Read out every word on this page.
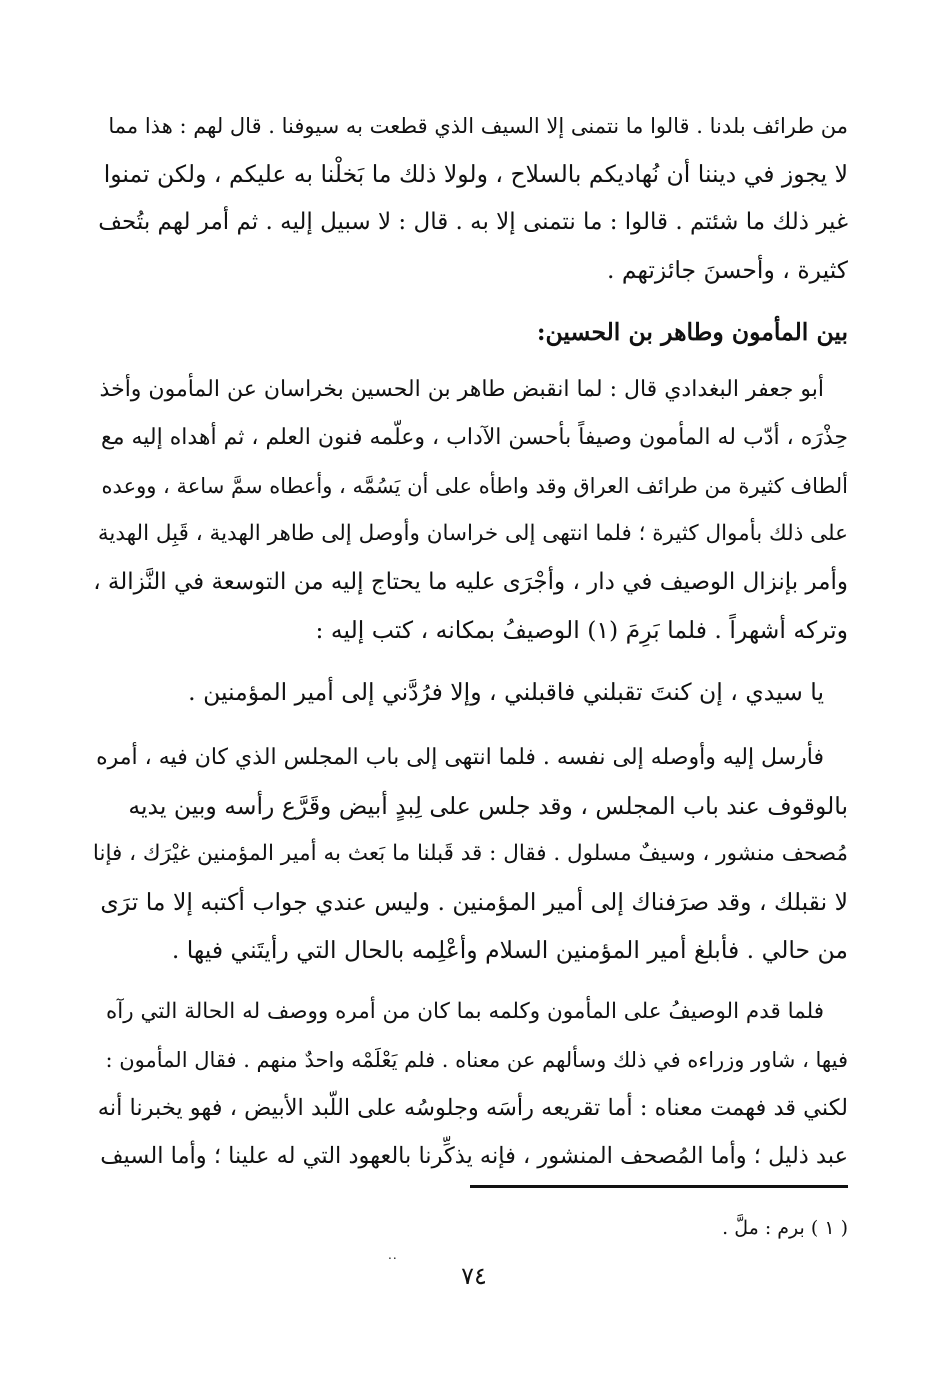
من طرائف بلدنا . قالوا ما نتمنى إلا السيف الذي قطعت به سيوفنا . قال لهم : هذا مما
لا يجوز في ديننا أن نُهاديكم بالسلاح ، ولولا ذلك ما بَخلْنا به عليكم ، ولكن تمنوا
غير ذلك ما شئتم . قالوا : ما نتمنى إلا به . قال : لا سبيل إليه . ثم أمر لهم بتُحف
كثيرة ، وأحسنَ جائزتهم .

بين المأمون وطاهر بن الحسين:

أبو جعفر البغدادي قال : لما انقبض طاهر بن الحسين بخراسان عن المأمون وأخذ
حِذْرَه ، أدّب له المأمون وصيفاً بأحسن الآداب ، وعلّمه فنون العلم ، ثم أهداه إليه مع
ألطاف كثيرة من طرائف العراق وقد واطأه على أن يَسُمَّه ، وأعطاه سمَّ ساعة ، ووعده
على ذلك بأموال كثيرة ؛ فلما انتهى إلى خراسان وأوصل إلى طاهر الهدية ، قَبِل الهدية
وأمر بإنزال الوصيف في دار ، وأجْرَى عليه ما يحتاج إليه من التوسعة في النَّزالة ،
وتركه أشهراً . فلما بَرِمَ (١) الوصيفُ بمكانه ، كتب إليه :

يا سيدي ، إن كنتَ تقبلني فاقبلني ، وإلا فرُدَّني إلى أمير المؤمنين .

فأرسل إليه وأوصله إلى نفسه . فلما انتهى إلى باب المجلس الذي كان فيه ، أمره
بالوقوف عند باب المجلس ، وقد جلس على لِبدٍ أبيض وقَرَّع رأسه وبين يديه
مُصحف منشور ، وسيفٌ مسلول . فقال : قد قَبلنا ما بَعث به أمير المؤمنين غيْرَك ، فإنا
لا نقبلك ، وقد صرَفناك إلى أمير المؤمنين . وليس عندي جواب أكتبه إلا ما ترَى
من حالي . فأبلغ أمير المؤمنين السلام وأعْلِمه بالحال التي رأيتَني فيها .

فلما قدم الوصيفُ على المأمون وكلمه بما كان من أمره ووصف له الحالة التي رآه
فيها ، شاور وزراءه في ذلك وسألهم عن معناه . فلم يَعْلَمْه واحدٌ منهم . فقال المأمون :
لكني قد فهمت معناه : أما تقريعه رأسَه وجلوسُه على اللّبد الأبيض ، فهو يخبرنا أنه
عبد ذليل ؛ وأما المُصحف المنشور ، فإنه يذكِّرنا بالعهود التي له علينا ؛ وأما السيف

( ١ ) برم : ملَّ .
..
٧٤
